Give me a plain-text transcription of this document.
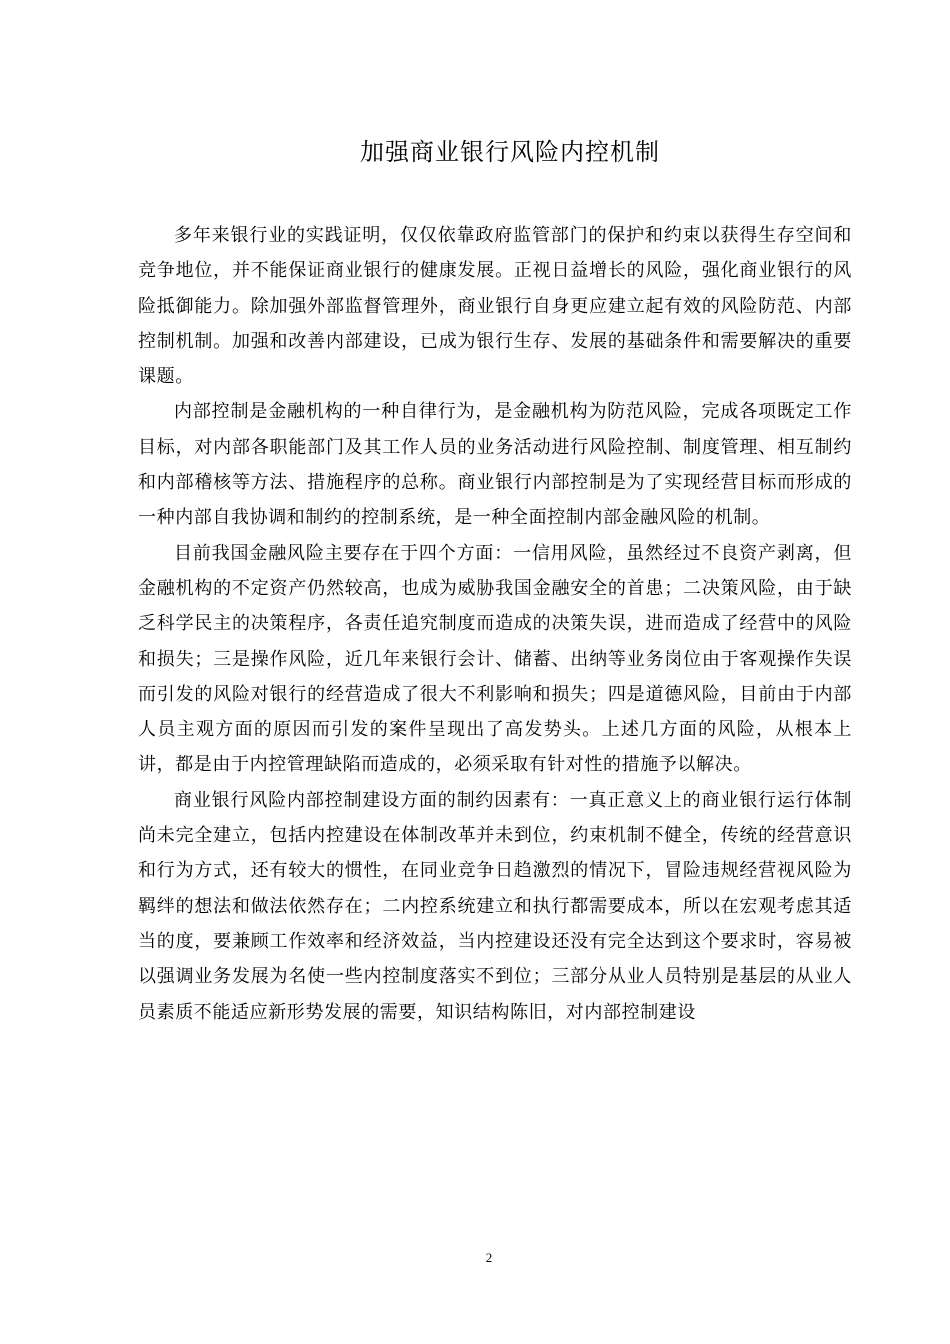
加强商业银行风险内控机制

多年来银行业的实践证明，仅仅依靠政府监管部门的保护和约束以获得生存空间和竞争地位，并不能保证商业银行的健康发展。正视日益增长的风险，强化商业银行的风险抵御能力。除加强外部监督管理外，商业银行自身更应建立起有效的风险防范、内部控制机制。加强和改善内部建设，已成为银行生存、发展的基础条件和需要解决的重要课题。

内部控制是金融机构的一种自律行为，是金融机构为防范风险，完成各项既定工作目标，对内部各职能部门及其工作人员的业务活动进行风险控制、制度管理、相互制约和内部稽核等方法、措施程序的总称。商业银行内部控制是为了实现经营目标而形成的一种内部自我协调和制约的控制系统，是一种全面控制内部金融风险的机制。

目前我国金融风险主要存在于四个方面：一信用风险，虽然经过不良资产剥离，但金融机构的不定资产仍然较高，也成为威胁我国金融安全的首患；二决策风险，由于缺乏科学民主的决策程序，各责任追究制度而造成的决策失误，进而造成了经营中的风险和损失；三是操作风险，近几年来银行会计、储蓄、出纳等业务岗位由于客观操作失误而引发的风险对银行的经营造成了很大不利影响和损失；四是道德风险，目前由于内部人员主观方面的原因而引发的案件呈现出了高发势头。上述几方面的风险，从根本上讲，都是由于内控管理缺陷而造成的，必须采取有针对性的措施予以解决。

商业银行风险内部控制建设方面的制约因素有：一真正意义上的商业银行运行体制尚未完全建立，包括内控建设在体制改革并未到位，约束机制不健全，传统的经营意识和行为方式，还有较大的惯性，在同业竞争日趋激烈的情况下，冒险违规经营视风险为羁绊的想法和做法依然存在；二内控系统建立和执行都需要成本，所以在宏观考虑其适当的度，要兼顾工作效率和经济效益，当内控建设还没有完全达到这个要求时，容易被以强调业务发展为名使一些内控制度落实不到位；三部分从业人员特别是基层的从业人员素质不能适应新形势发展的需要，知识结构陈旧，对内部控制建设

2
